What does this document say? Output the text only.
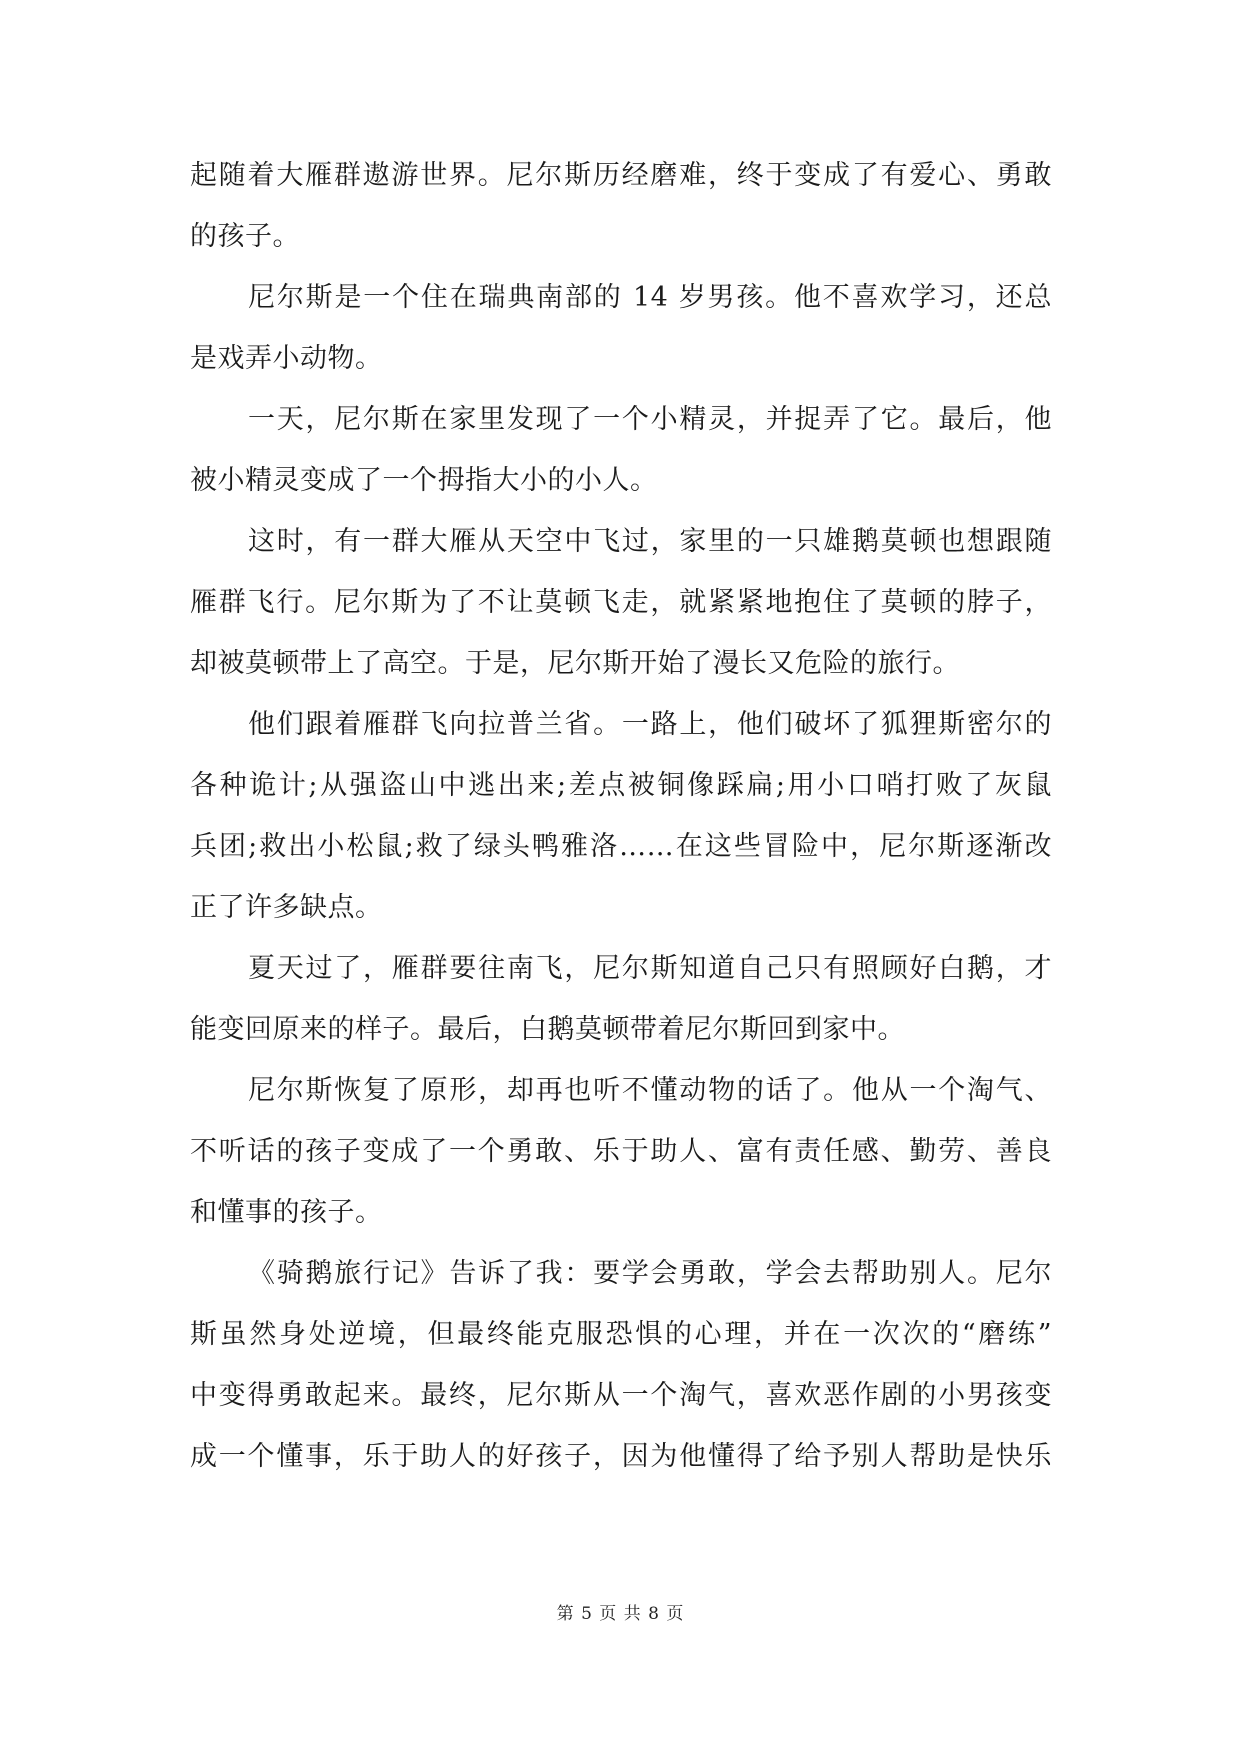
起随着大雁群遨游世界。尼尔斯历经磨难，终于变成了有爱心、勇敢
的孩子。
尼尔斯是一个住在瑞典南部的 14 岁男孩。他不喜欢学习，还总
是戏弄小动物。
一天，尼尔斯在家里发现了一个小精灵，并捉弄了它。最后，他
被小精灵变成了一个拇指大小的小人。
这时，有一群大雁从天空中飞过，家里的一只雄鹅莫顿也想跟随
雁群飞行。尼尔斯为了不让莫顿飞走，就紧紧地抱住了莫顿的脖子，
却被莫顿带上了高空。于是，尼尔斯开始了漫长又危险的旅行。
他们跟着雁群飞向拉普兰省。一路上，他们破坏了狐狸斯密尔的
各种诡计;从强盗山中逃出来;差点被铜像踩扁;用小口哨打败了灰鼠
兵团;救出小松鼠;救了绿头鸭雅洛……在这些冒险中，尼尔斯逐渐改
正了许多缺点。
夏天过了，雁群要往南飞，尼尔斯知道自己只有照顾好白鹅，才
能变回原来的样子。最后，白鹅莫顿带着尼尔斯回到家中。
尼尔斯恢复了原形，却再也听不懂动物的话了。他从一个淘气、
不听话的孩子变成了一个勇敢、乐于助人、富有责任感、勤劳、善良
和懂事的孩子。
《骑鹅旅行记》告诉了我：要学会勇敢，学会去帮助别人。尼尔
斯虽然身处逆境，但最终能克服恐惧的心理，并在一次次的“磨练”
中变得勇敢起来。最终，尼尔斯从一个淘气，喜欢恶作剧的小男孩变
成一个懂事，乐于助人的好孩子，因为他懂得了给予别人帮助是快乐
第 5 页 共 8 页
